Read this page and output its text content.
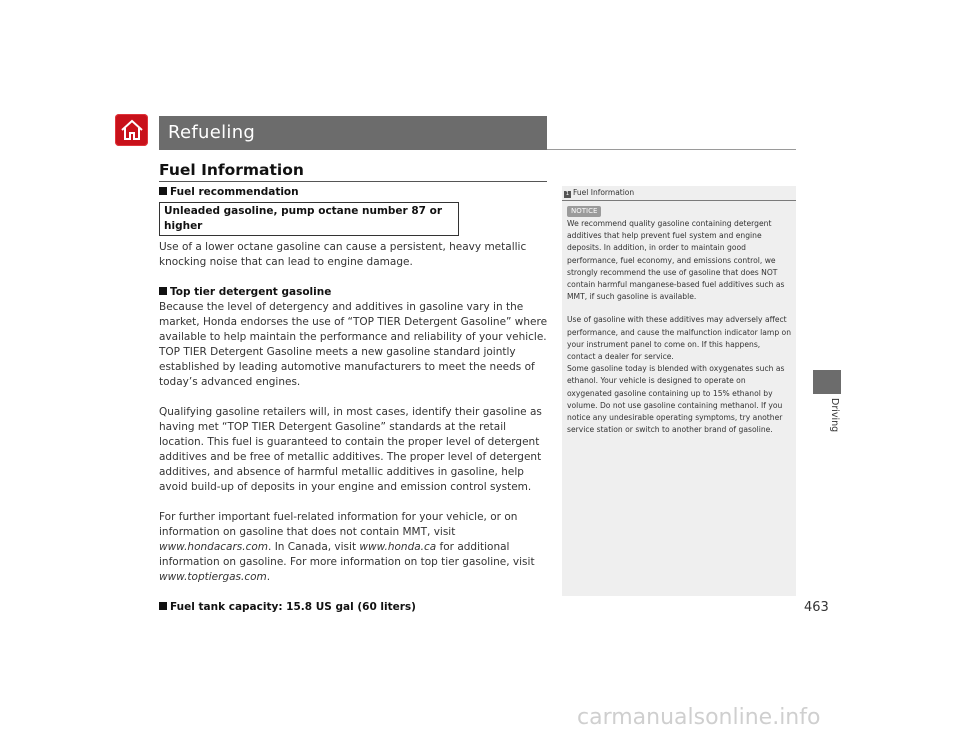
Refueling
Fuel Information

Fuel recommendation

Unleaded gasoline, pump octane number 87 or higher

Use of a lower octane gasoline can cause a persistent, heavy metallic knocking noise that can lead to engine damage.

Top tier detergent gasoline

Because the level of detergency and additives in gasoline vary in the market, Honda endorses the use of “TOP TIER Detergent Gasoline” where available to help maintain the performance and reliability of your vehicle. TOP TIER Detergent Gasoline meets a new gasoline standard jointly established by leading automotive manufacturers to meet the needs of today’s advanced engines.

Qualifying gasoline retailers will, in most cases, identify their gasoline as having met “TOP TIER Detergent Gasoline” standards at the retail location. This fuel is guaranteed to contain the proper level of detergent additives and be free of metallic additives. The proper level of detergent additives, and absence of harmful metallic additives in gasoline, help avoid build-up of deposits in your engine and emission control system.

For further important fuel-related information for your vehicle, or on information on gasoline that does not contain MMT, visit www.hondacars.com. In Canada, visit www.honda.ca for additional information on gasoline. For more information on top tier gasoline, visit www.toptiergas.com.

Fuel tank capacity: 15.8 US gal (60 liters)

1 Fuel Information
NOTICE

We recommend quality gasoline containing detergent additives that help prevent fuel system and engine deposits. In addition, in order to maintain good performance, fuel economy, and emissions control, we strongly recommend the use of gasoline that does NOT contain harmful manganese-based fuel additives such as MMT, if such gasoline is available.

Use of gasoline with these additives may adversely affect performance, and cause the malfunction indicator lamp on your instrument panel to come on. If this happens, contact a dealer for service.

Some gasoline today is blended with oxygenates such as ethanol. Your vehicle is designed to operate on oxygenated gasoline containing up to 15% ethanol by volume. Do not use gasoline containing methanol. If you notice any undesirable operating symptoms, try another service station or switch to another brand of gasoline.	Driving
463
carmanualsonline.info
